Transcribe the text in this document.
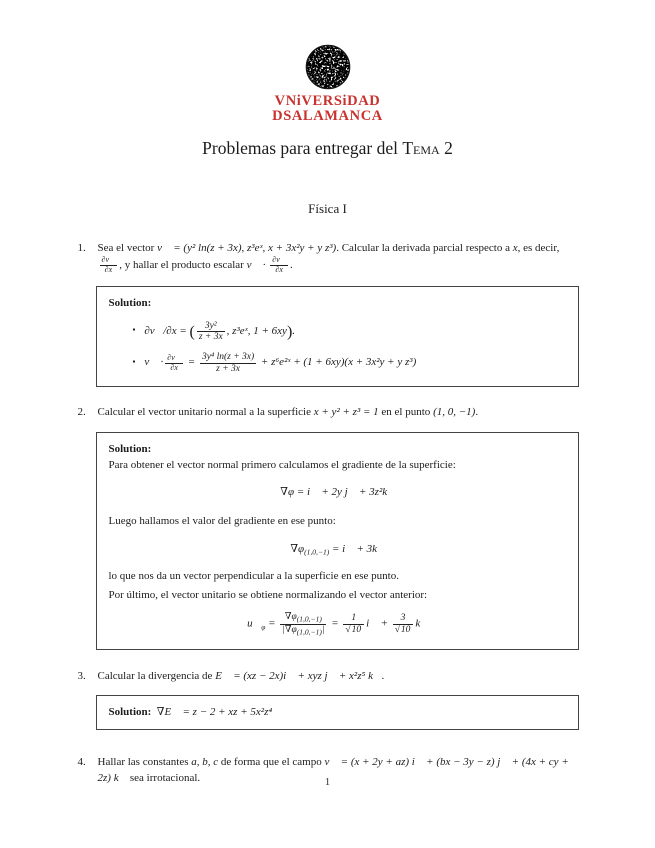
VNiVERSiDAD
DSALAMANCA
Problemas para entregar del Tema 2
Física I
1.	Sea el vector v⃗ = (y² ln(z + 3x), z³eˣ, x + 3x²y + y z³). Calcular la derivada parcial respecto a x, es decir,
$\frac{\partial v⃗}{\partial x}$ , y hallar el producto escalar v⃗ · $\frac{\partial v⃗}{\partial x}$ .
Solution:
▪ ∂v⃗/∂x = ( $\frac{\text{3y²}}{z + 3x}$ , z³eˣ, 1 + 6xy).
▪ v⃗ · $\frac{\partial v⃗}{\partial x} = \frac{\text{3y⁴ ln(z + 3x)}}{z + 3x}$ + z⁶e²ˣ + (1 + 6xy)(x + 3x²y + y z³)
2.	Calcular el vector unitario normal a la superficie x + y² + z³ = 1 en el punto (1, 0, −1).
Solution:
Para obtener el vector normal primero calculamos el gradiente de la superficie:
∇φ = i⃗ + 2y j⃗ + 3z²k⃗
Luego hallamos el valor del gradiente en ese punto:
$\nabla\varphi_{(1,0,-1)}$ = i⃗ + 3k⃗
lo que nos da un vector perpendicular a la superficie en ese punto.
Por último, el vector unitario se obtiene normalizando el vector anterior:
$u⃗_\varphi = \frac{\nabla\varphi_{(1,0,-1)}}{|\nabla\varphi_{(1,0,-1)}|} = \frac{1}{√10}$ i⃗ + $\frac{3}{√10}$ k⃗
3.	Calcular la divergencia de E⃗ = (xz − 2x)i⃗ + xyz j⃗ + x²z⁵ k⃗.
Solution: ∇E⃗ = z − 2 + xz + 5x²z⁴
4.	Hallar las constantes a, b, c de forma que el campo v⃗ = (x + 2y + az) i⃗ + (bx − 3y − z) j⃗ + (4x + cy + 2z) k⃗ sea irrotacional.	1
